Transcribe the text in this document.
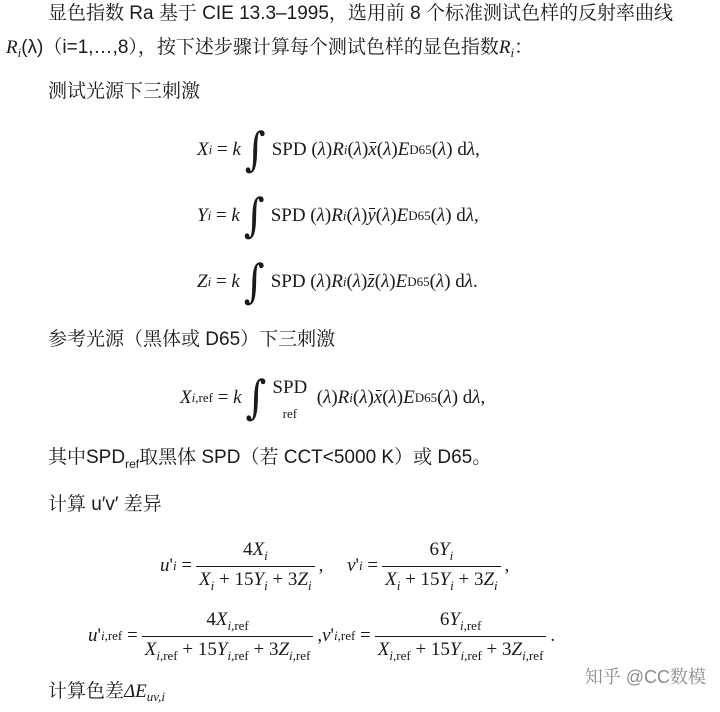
显色指数 Ra 基于 CIE 13.3–1995，选用前 8 个标准测试色样的反射率曲线
$R_i(\lambda)(i=1,\dots,8)$，按下述步骤计算每个测试色样的显色指数$R_i$：
测试光源下三刺激
X i = k ∫ SPD ( λ ) R i ( λ ) x ( λ ) E D65 ( λ ) d λ ,
Y i = k ∫ SPD ( λ ) R i ( λ ) y ( λ ) E D65 ( λ ) d λ ,
Z i = k ∫ SPD ( λ ) R i ( λ ) z ( λ ) E D65 ( λ ) d λ .
参考光源（黑体或 D65）下三刺激
X i,ref = k ∫ SPD
ref
( λ ) R i ( λ ) x ( λ ) E D65 ( λ ) d λ ,
其中$SPD_{ref}$取黑体 SPD（若 CCT<5000 K）或 D65。
计算 u′v′ 差异
u ' $i = \frac{4X_i}{X_i + 15Y_i + 3Z_i}$ , v ' $i = \frac{6Y_i}{X_i + 15Y_i + 3Z_i}$ ,
u ' $i,ref = \frac{4X_{i,ref}}{X_{i,ref} + 15Y_{i,ref} + 3Z_{i,ref}}$ , v ' $i,ref = \frac{6Y_{i,ref}}{X_{i,ref} + 15Y_{i,ref} + 3Z_{i,ref}}$ .
计算色差$\Delta E_{uv,i}$
知乎 @CC数模
